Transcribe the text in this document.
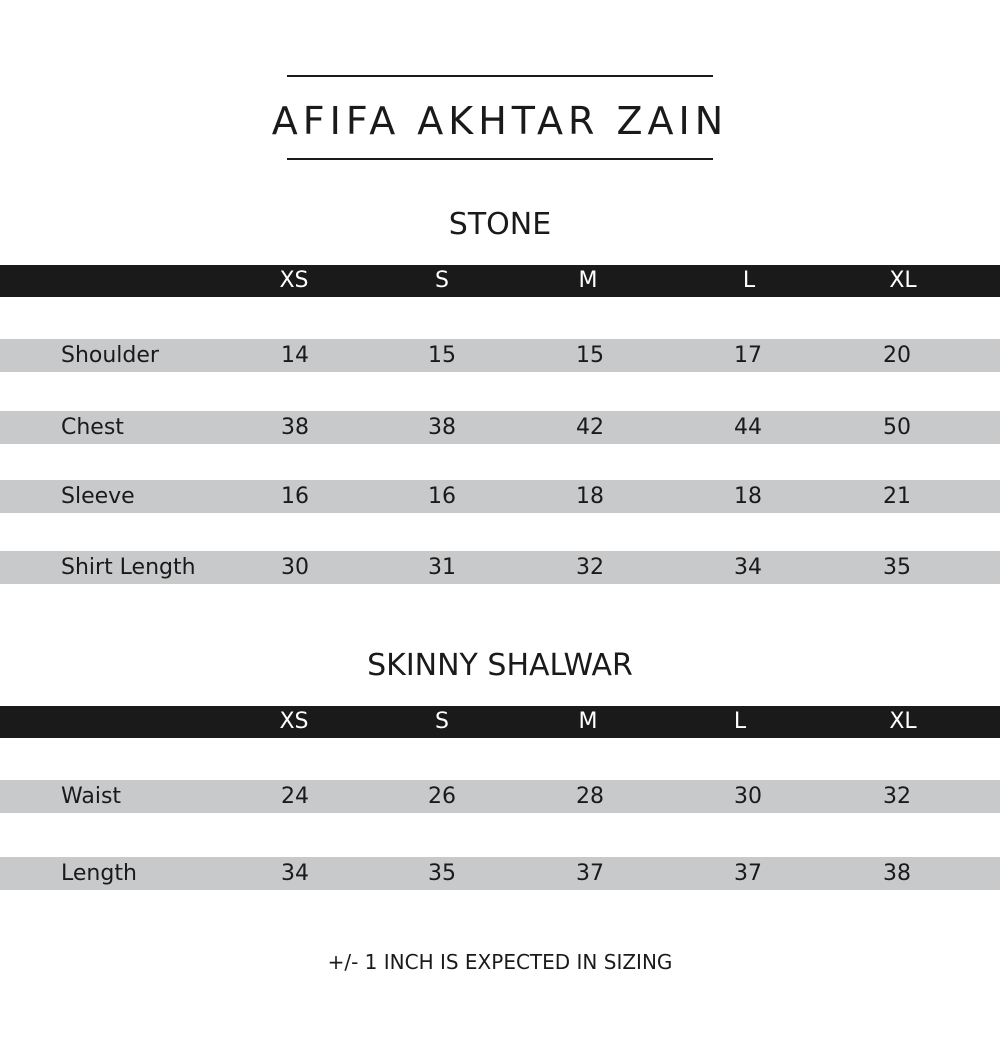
AFIFA AKHTAR ZAIN
STONE
XS	S	M	L	XL
Shoulder	14	15	15	17	20
Chest	38	38	42	44	50
Sleeve	16	16	18	18	21
Shirt Length	30	31	32	34	35
SKINNY SHALWAR
XS	S	M	L	XL
Waist	24	26	28	30	32
Length	34	35	37	37	38
+/- 1 INCH IS EXPECTED IN SIZING
